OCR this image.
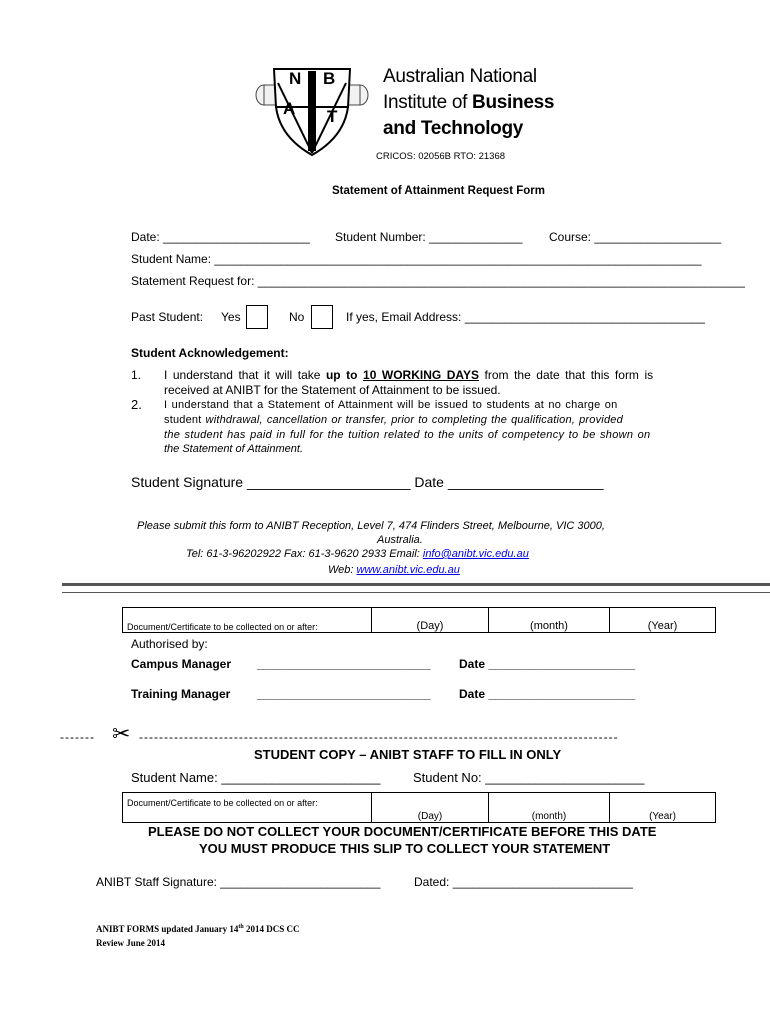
N B
A T
Australian National
Institute of Business
and Technology
CRICOS: 02056B RTO: 21368
Statement of Attainment Request Form
Date: ______________________ Student Number: ______________ Course: ___________________
Student Name: _________________________________________________________________________
Statement Request for: _________________________________________________________________________
Past Student: Yes	No	If yes, Email Address: ____________________________________
Student Acknowledgement:
1. I understand that it will take up to 10 WORKING DAYS from the date that this form is
received at ANIBT for the Statement of Attainment to be issued.
2. I understand that a Statement of Attainment will be issued to students at no charge on
student withdrawal, cancellation or transfer, prior to completing the qualification, provided
the student has paid in full for the tuition related to the units of competency to be shown on
the Statement of Attainment.
Student Signature _____________________ Date ____________________
Please submit this form to ANIBT Reception, Level 7, 474 Flinders Street, Melbourne, VIC 3000,
Australia.
Tel: 61-3-96202922 Fax: 61-3-9620 2933 Email: info@anibt.vic.edu.au
Web: www.anibt.vic.edu.au
Document/Certificate to be collected on or after:	(Day)	(month)	(Year)
Authorised by:
Campus Manager __________________________ Date ______________________
Training Manager __________________________ Date ______________________
------- ✂ ------------------------------------------------------------------------------------------------
STUDENT COPY – ANIBT STAFF TO FILL IN ONLY
Student Name: ______________________	Student No: ______________________
Document/Certificate to be collected on or after:	(Day)	(month)	(Year)
PLEASE DO NOT COLLECT YOUR DOCUMENT/CERTIFICATE BEFORE THIS DATE
YOU MUST PRODUCE THIS SLIP TO COLLECT YOUR STATEMENT
ANIBT Staff Signature: ________________________	Dated: ___________________________
ANIBT FORMS updated January 14th 2014 DCS CC
Review June 2014
